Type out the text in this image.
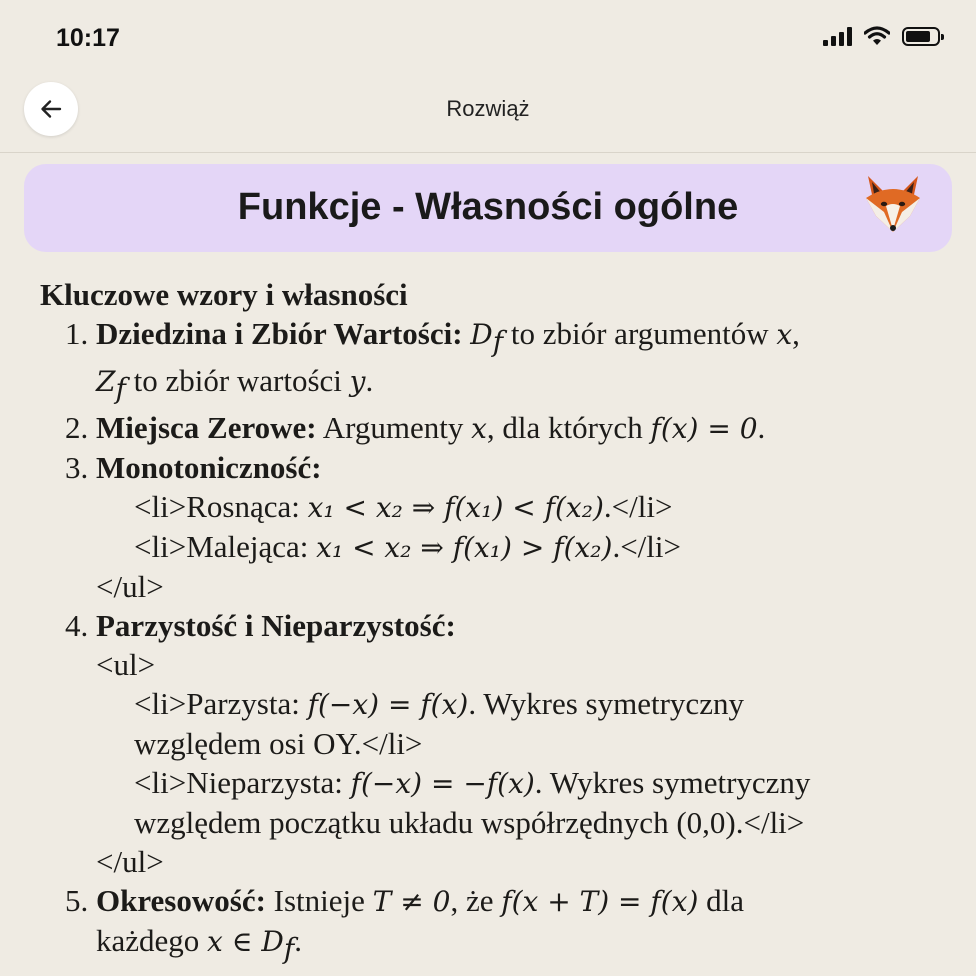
10:17
Rozwiąż
Funkcje - Własności ogólne
Kluczowe wzory i własności
1. Dziedzina i Zbiór Wartości: $D_f$ to zbiór argumentów x,
$Z_f$ to zbiór wartości y.
2. Miejsca Zerowe: Argumenty x, dla których f(x) = 0.
3. Monotoniczność:
<li>Rosnąca: x₁ < x₂ ⇒ f(x₁) < f(x₂).</li>
<li>Malejąca: x₁ < x₂ ⇒ f(x₁) > f(x₂).</li>
</ul>
4. Parzystość i Nieparzystość:
<ul>
<li>Parzysta: f(−x) = f(x). Wykres symetryczny
względem osi OY.</li>
<li>Nieparzysta: f(−x) = −f(x). Wykres symetryczny
względem początku układu współrzędnych (0,0).</li>
</ul>
5. Okresowość: Istnieje T ≠ 0, że f(x + T) = f(x) dla
każdego x ∈ $D_f$.
